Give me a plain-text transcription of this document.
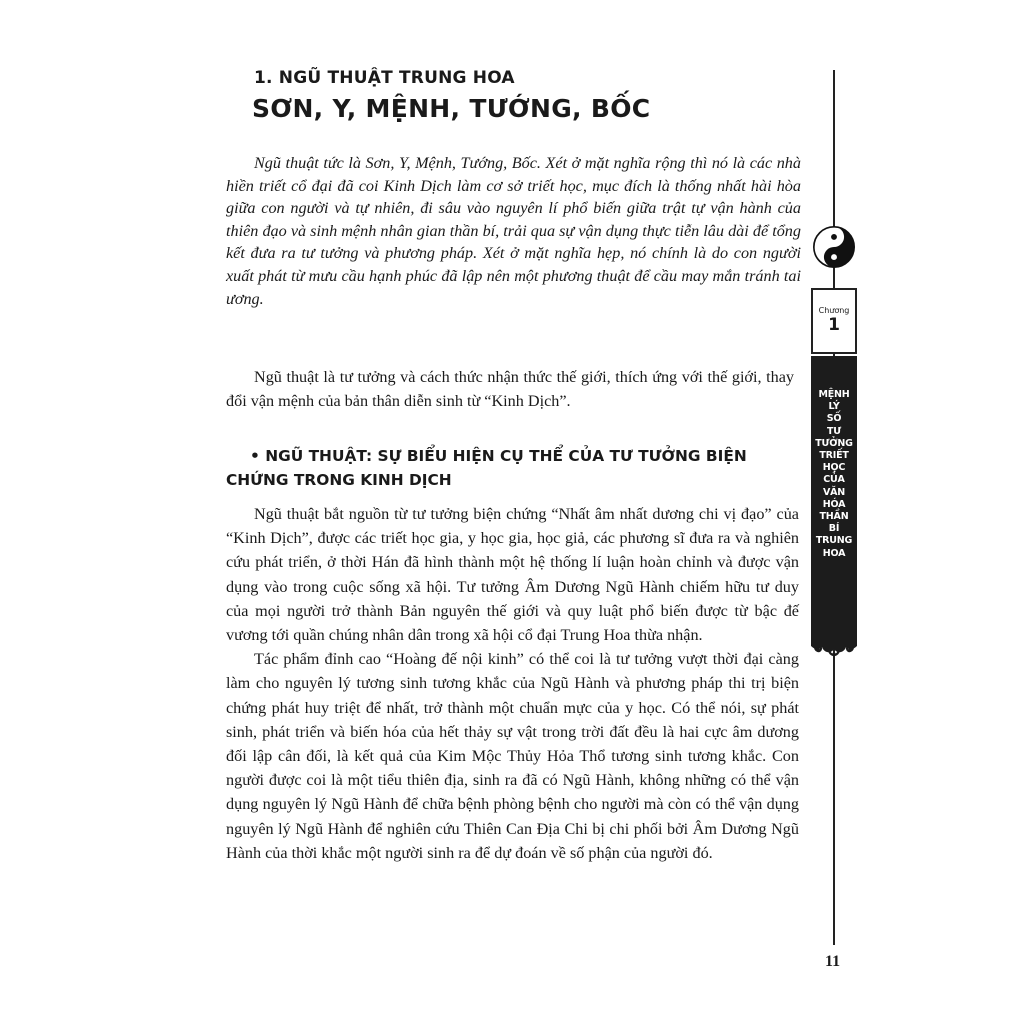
1. NGŨ THUẬT TRUNG HOA
SƠN, Y, MỆNH, TƯỚNG, BỐC

Ngũ thuật tức là Sơn, Y, Mệnh, Tướng, Bốc. Xét ở mặt nghĩa rộng thì nó là các nhà hiền triết cổ đại đã coi Kinh Dịch làm cơ sở triết học, mục đích là thống nhất hài hòa giữa con người và tự nhiên, đi sâu vào nguyên lí phổ biến giữa trật tự vận hành của thiên đạo và sinh mệnh nhân gian thần bí, trải qua sự vận dụng thực tiễn lâu dài để tổng kết đưa ra tư tưởng và phương pháp. Xét ở mặt nghĩa hẹp, nó chính là do con người xuất phát từ mưu cầu hạnh phúc đã lập nên một phương thuật để cầu may mắn tránh tai ương.

Ngũ thuật là tư tưởng và cách thức nhận thức thế giới, thích ứng với thế giới, thay đổi vận mệnh của bản thân diễn sinh từ “Kinh Dịch”.

• NGŨ THUẬT: SỰ BIỂU HIỆN CỤ THỂ CỦA TƯ TƯỞNG BIỆN CHỨNG TRONG KINH DỊCH

Ngũ thuật bắt nguồn từ tư tưởng biện chứng “Nhất âm nhất dương chi vị đạo” của “Kinh Dịch”, được các triết học gia, y học gia, học giả, các phương sĩ đưa ra và nghiên cứu phát triển, ở thời Hán đã hình thành một hệ thống lí luận hoàn chỉnh và được vận dụng vào trong cuộc sống xã hội. Tư tưởng Âm Dương Ngũ Hành chiếm hữu tư duy của mọi người trở thành Bản nguyên thế giới và quy luật phổ biến được từ bậc đế vương tới quần chúng nhân dân trong xã hội cổ đại Trung Hoa thừa nhận.

Tác phẩm đỉnh cao “Hoàng đế nội kinh” có thể coi là tư tưởng vượt thời đại càng làm cho nguyên lý tương sinh tương khắc của Ngũ Hành và phương pháp thi trị biện chứng phát huy triệt để nhất, trở thành một chuẩn mực của y học. Có thể nói, sự phát sinh, phát triển và biến hóa của hết thảy sự vật trong trời đất đều là hai cực âm dương đối lập cân đối, là kết quả của Kim Mộc Thủy Hỏa Thổ tương sinh tương khắc. Con người được coi là một tiểu thiên địa, sinh ra đã có Ngũ Hành, không những có thể vận dụng nguyên lý Ngũ Hành để chữa bệnh phòng bệnh cho người mà còn có thể vận dụng nguyên lý Ngũ Hành để nghiên cứu Thiên Can Địa Chi bị chi phối bởi Âm Dương Ngũ Hành của thời khắc một người sinh ra để dự đoán về số phận của người đó.

11
Chương
1
MỆNH
LÝ
SỐ
TƯ
TƯỞNG
TRIẾT
HỌC
CỦA
VĂN
HÓA
THẦN
BÍ
TRUNG
HOA
